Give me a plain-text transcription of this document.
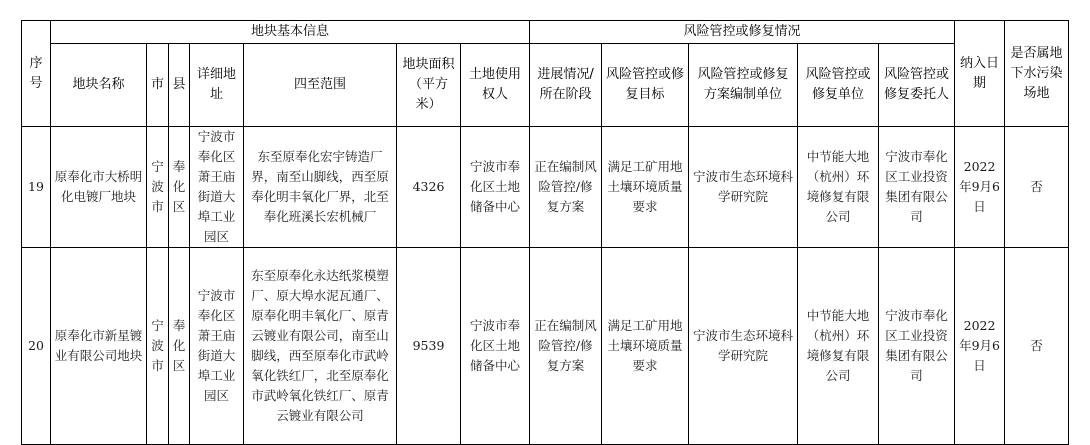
序号	地块基本信息							风险管控或修复情况					纳入日期	是否属地下水污染场地
	地块名称	市	县	详细地址	四至范围	地块面积（平方米）	土地使用权人	进展情况/所在阶段	风险管控或修复目标	风险管控或修复方案编制单位	风险管控或修复单位	风险管控或修复委托人		
19	原奉化市大桥明化电镀厂地块	宁波市	奉化区	宁波市奉化区萧王庙街道大埠工业园区	东至原奉化宏宇铸造厂界，南至山脚线，西至原奉化明丰氧化厂界，北至奉化班溪长宏机械厂	4326	宁波市奉化区土地储备中心	正在编制风险管控/修复方案	满足工矿用地土壤环境质量要求	宁波市生态环境科学研究院	中节能大地（杭州）环境修复有限公司	宁波市奉化区工业投资集团有限公司	2022年9月6日	否
20	原奉化市新星镀业有限公司地块	宁波市	奉化区	宁波市奉化区萧王庙街道大埠工业园区	东至原奉化永达纸浆模塑厂、原大埠水泥瓦通厂、原奉化明丰氧化厂、原青云镀业有限公司，南至山脚线，西至原奉化市武岭氧化铁红厂，北至原奉化市武岭氧化铁红厂、原青云镀业有限公司	9539	宁波市奉化区土地储备中心	正在编制风险管控/修复方案	满足工矿用地土壤环境质量要求	宁波市生态环境科学研究院	中节能大地（杭州）环境修复有限公司	宁波市奉化区工业投资集团有限公司	2022年9月6日	否
